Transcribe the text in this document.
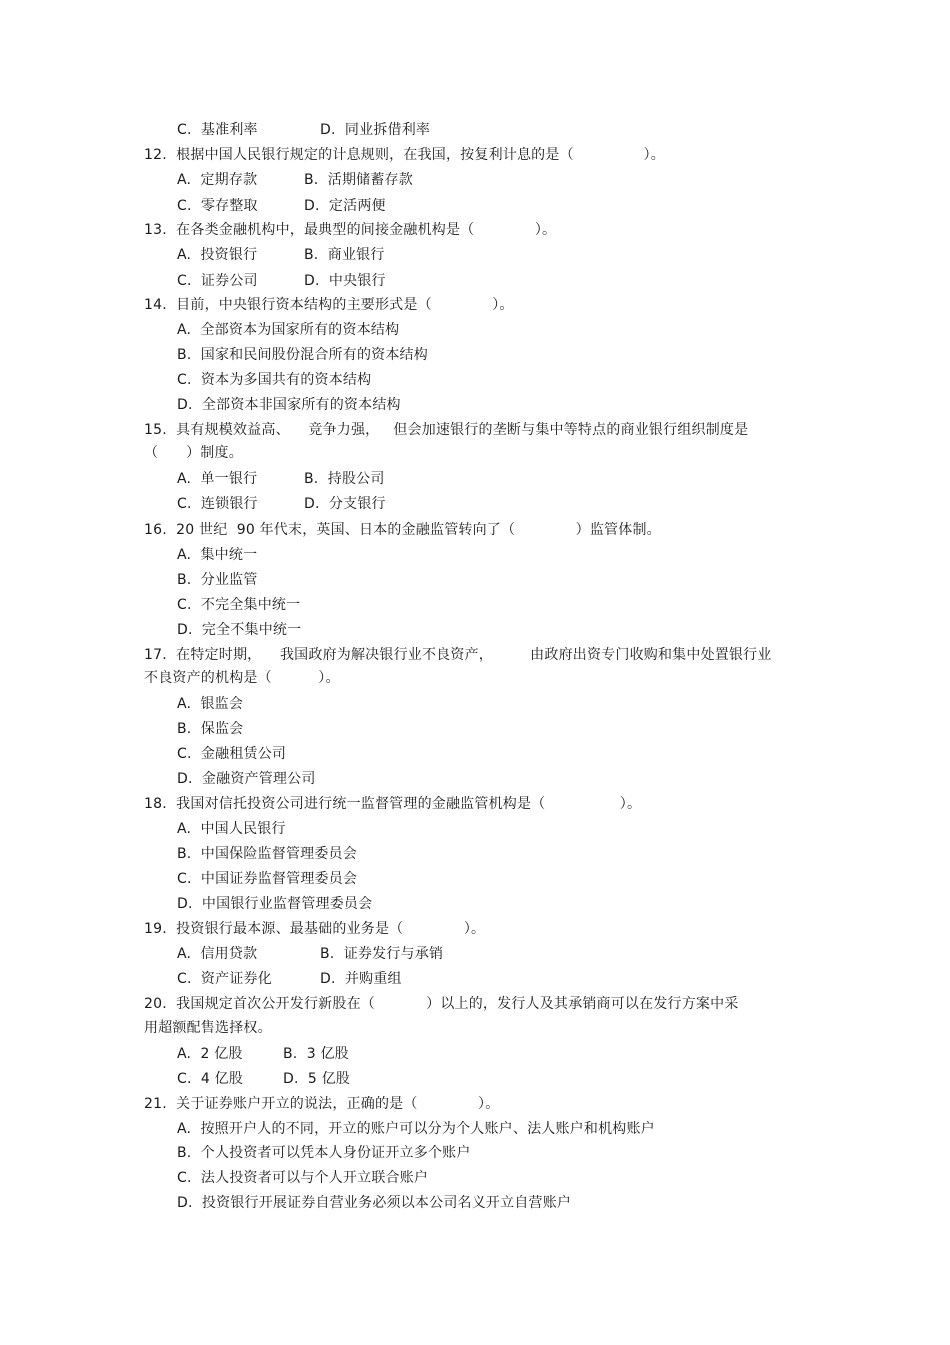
C.  基准利率	D.  同业拆借利率
12.  根据中国人民银行规定的计息规则，在我国，按复利计息的是（               ）。
A.  定期存款	B.  活期储蓄存款
C.  零存整取	D.  定活两便
13.  在各类金融机构中，最典型的间接金融机构是（             ）。
A.  投资银行	B.  商业银行
C.  证券公司	D.  中央银行
14.  目前，中央银行资本结构的主要形式是（             ）。
A.  全部资本为国家所有的资本结构
B.  国家和民间股份混合所有的资本结构
C.  资本为多国共有的资本结构
D.  全部资本非国家所有的资本结构
15.  具有规模效益高、    竞争力强，   但会加速银行的垄断与集中等特点的商业银行组织制度是
（      ）制度。
A.  单一银行	B.  持股公司
C.  连锁银行	D.  分支银行
16.  20 世纪  90 年代末，英国、日本的金融监管转向了（             ）监管体制。
A.  集中统一
B.  分业监管
C.  不完全集中统一
D.  完全不集中统一
17.  在特定时期，    我国政府为解决银行业不良资产，        由政府出资专门收购和集中处置银行业
不良资产的机构是（          ）。
A.  银监会
B.  保监会
C.  金融租赁公司
D.  金融资产管理公司
18.  我国对信托投资公司进行统一监督管理的金融监管机构是（                ）。
A.  中国人民银行
B.  中国保险监督管理委员会
C.  中国证券监督管理委员会
D.  中国银行业监督管理委员会
19.  投资银行最本源、最基础的业务是（             ）。
A.  信用贷款	B.  证券发行与承销
C.  资产证券化	D.  并购重组
20.  我国规定首次公开发行新股在（           ）以上的，发行人及其承销商可以在发行方案中采
用超额配售选择权。
A.  2 亿股	B.  3 亿股
C.  4 亿股	D.  5 亿股
21.  关于证券账户开立的说法，正确的是（             ）。
A.  按照开户人的不同，开立的账户可以分为个人账户、法人账户和机构账户
B.  个人投资者可以凭本人身份证开立多个账户
C.  法人投资者可以与个人开立联合账户
D.  投资银行开展证券自营业务必须以本公司名义开立自营账户
